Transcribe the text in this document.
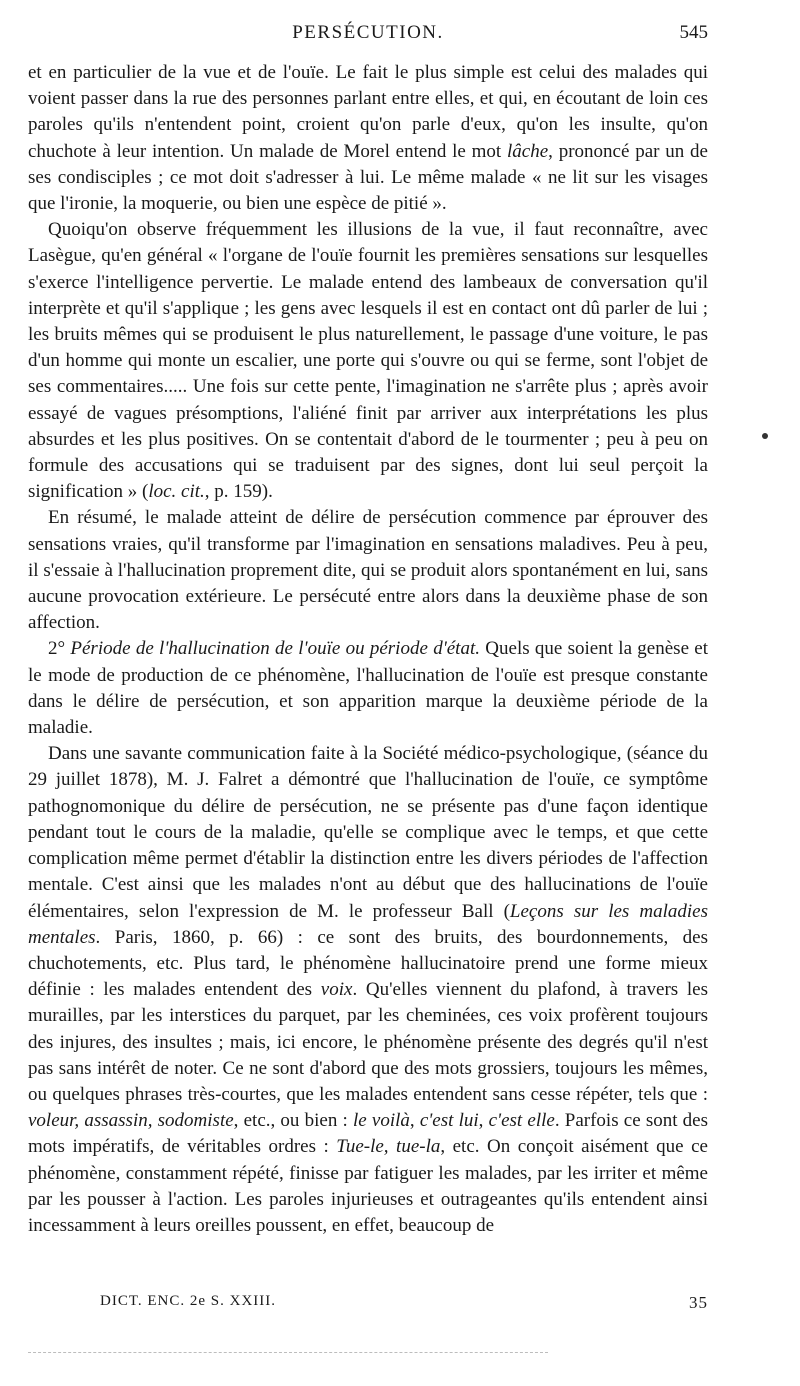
PERSÉCUTION.	545

et en particulier de la vue et de l'ouïe. Le fait le plus simple est celui des malades qui voient passer dans la rue des personnes parlant entre elles, et qui, en écoutant de loin ces paroles qu'ils n'entendent point, croient qu'on parle d'eux, qu'on les insulte, qu'on chuchote à leur intention. Un malade de Morel entend le mot lâche, prononcé par un de ses condisciples ; ce mot doit s'adresser à lui. Le même malade « ne lit sur les visages que l'ironie, la moquerie, ou bien une espèce de pitié ».

Quoiqu'on observe fréquemment les illusions de la vue, il faut reconnaître, avec Lasègue, qu'en général « l'organe de l'ouïe fournit les premières sensations sur lesquelles s'exerce l'intelligence pervertie. Le malade entend des lambeaux de conversation qu'il interprète et qu'il s'applique ; les gens avec lesquels il est en contact ont dû parler de lui ; les bruits mêmes qui se produisent le plus naturellement, le passage d'une voiture, le pas d'un homme qui monte un escalier, une porte qui s'ouvre ou qui se ferme, sont l'objet de ses commentaires..... Une fois sur cette pente, l'imagination ne s'arrête plus ; après avoir essayé de vagues présomptions, l'aliéné finit par arriver aux interprétations les plus absurdes et les plus positives. On se contentait d'abord de le tourmenter ; peu à peu on formule des accusations qui se traduisent par des signes, dont lui seul perçoit la signification » (loc. cit., p. 159).

En résumé, le malade atteint de délire de persécution commence par éprouver des sensations vraies, qu'il transforme par l'imagination en sensations maladives. Peu à peu, il s'essaie à l'hallucination proprement dite, qui se produit alors spontanément en lui, sans aucune provocation extérieure. Le persécuté entre alors dans la deuxième phase de son affection.

2° Période de l'hallucination de l'ouïe ou période d'état. Quels que soient la genèse et le mode de production de ce phénomène, l'hallucination de l'ouïe est presque constante dans le délire de persécution, et son apparition marque la deuxième période de la maladie.

Dans une savante communication faite à la Société médico-psychologique, (séance du 29 juillet 1878), M. J. Falret a démontré que l'hallucination de l'ouïe, ce symptôme pathognomonique du délire de persécution, ne se présente pas d'une façon identique pendant tout le cours de la maladie, qu'elle se complique avec le temps, et que cette complication même permet d'établir la distinction entre les divers périodes de l'affection mentale. C'est ainsi que les malades n'ont au début que des hallucinations de l'ouïe élémentaires, selon l'expression de M. le professeur Ball (Leçons sur les maladies mentales. Paris, 1860, p. 66) : ce sont des bruits, des bourdonnements, des chuchotements, etc. Plus tard, le phénomène hallucinatoire prend une forme mieux définie : les malades entendent des voix. Qu'elles viennent du plafond, à travers les murailles, par les interstices du parquet, par les cheminées, ces voix profèrent toujours des injures, des insultes ; mais, ici encore, le phénomène présente des degrés qu'il n'est pas sans intérêt de noter. Ce ne sont d'abord que des mots grossiers, toujours les mêmes, ou quelques phrases très-courtes, que les malades entendent sans cesse répéter, tels que : voleur, assassin, sodomiste, etc., ou bien : le voilà, c'est lui, c'est elle. Parfois ce sont des mots impératifs, de véritables ordres : Tue-le, tue-la, etc. On conçoit aisément que ce phénomène, constamment répété, finisse par fatiguer les malades, par les irriter et même par les pousser à l'action. Les paroles injurieuses et outrageantes qu'ils entendent ainsi incessamment à leurs oreilles poussent, en effet, beaucoup de

DICT. ENC. 2e S. XXIII.	35
